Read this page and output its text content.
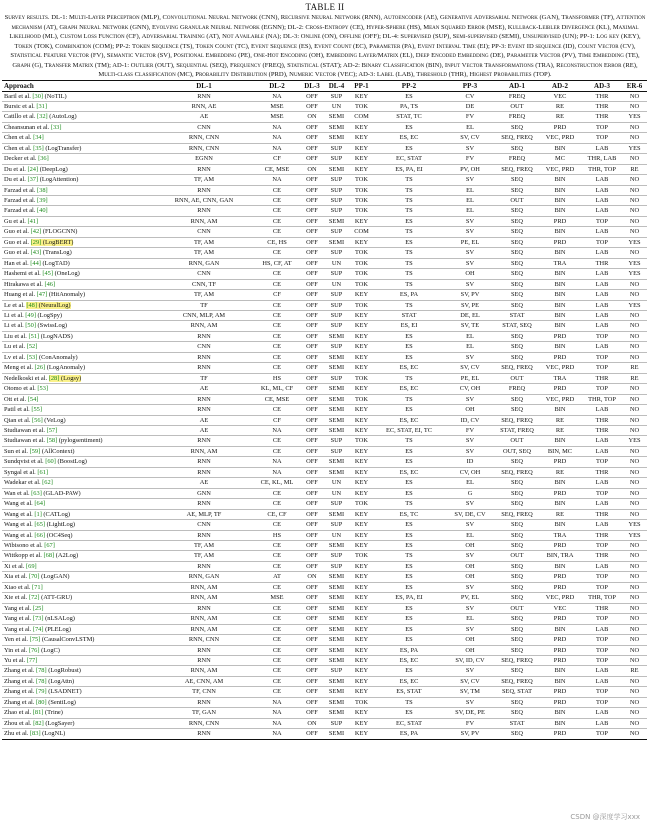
TABLE II
Survey results. DL-1: Multi-Layer Perceptron (MLP), Convolutional Neural Network (CNN), Recursive Neural Network (RNN), Autoencoder (AE), Generative Adversarial Network (GAN), Transformer (TF), Attention mechanism (AT), Graph Neural Network (GNN), Evolving Granular Neural Network (EGNN); DL-2: Cross-Entropy (CE), Hyper-Sphere (HS), Mean Squared Error (MSE), Kullback-Leibler Divergence (KL), Maximal Likelihood (ML), Custom Loss Function (CF), Adversarial Training (AT), Not Available (NA); DL-3: Online (ON), Offline (OFF); DL-4: Supervised (SUP), Semi-supervised (SEMI), Unsupervised (UN); PP-1: Log key (KEY), Token (TOK), Combination (COM); PP-2: Token Sequence (TS), Token Count (TC), Event Sequence (ES), Event Count (EC), Parameter (PA), Event Interval Time (EI); PP-3: Event ID sequence (ID), Count Vector (CV), Statistical Feature Vector (FV), Semantic Vector (SV), Positional Embedding (PE), One-Hot Encoding (OH), Embedding Layer/Matrix (EL), Deep Encoded Embedding (DE), Parameter Vector (PV), Time Embedding (TE), Graph (G), Transfer Matrix (TM); AD-1: Outlier (OUT), Sequential (SEQ), Frequency (FREQ), Statistical (STAT); AD-2: Binary Classification (BIN), Input Vector Transformations (TRA), Reconstruction Error (RE), Multi-class Classification (MC), Probability Distribution (PRD), Numeric Vector (VEC); AD-3: Label (LAB), Threshold (THR), Highest Probabilities (TOP).
Approach	DL-1	DL-2	DL-3	DL-4	PP-1	PP-2	PP-3	AD-1	AD-2	AD-3	ER-6
Baril et al. [30] (NoTIL)	RNN	NA	OFF	SUP	KEY	ES	CV	FREQ	VEC	THR	NO
Bursic et al. [31]	RNN, AE	MSE	OFF	UN	TOK	PA, TS	DE	OUT	RE	THR	NO
Catillo et al. [32] (AutoLog)	AE	MSE	ON	SEMI	COM	STAT, TC	FV	FREQ	RE	THR	YES
Cheansunan et al. [33]	CNN	NA	OFF	SEMI	KEY	ES	EL	SEQ	PRD	TOP	NO
Chen et al. [34]	RNN, CNN	NA	OFF	SEMI	KEY	ES, EC	SV, CV	SEQ, FREQ	VEC, PRD	TOP	NO
Chen et al. [35] (LogTransfer)	RNN, CNN	NA	OFF	SUP	KEY	ES	SV	SEQ	BIN	LAB	YES
Decker et al. [36]	EGNN	CF	OFF	SUP	KEY	EC, STAT	FV	FREQ	MC	THR, LAB	NO
Du et al. [24] (DeepLog)	RNN	CE, MSE	ON	SEMI	KEY	ES, PA, EI	PV, OH	SEQ, FREQ	VEC, PRD	THR, TOP	RE
Du et al. [37] (LogAttention)	TF, AM	NA	OFF	SUP	TOK	TS	SV	SEQ	BIN	LAB	NO
Farzad et al. [38]	RNN	CE	OFF	SUP	TOK	TS	EL	SEQ	BIN	LAB	NO
Farzad et al. [39]	RNN, AE, CNN, GAN	CE	OFF	SUP	TOK	TS	EL	OUT	BIN	LAB	NO
Farzad et al. [40]	RNN	CE	OFF	SUP	TOK	TS	EL	SEQ	BIN	LAB	NO
Gu et al. [41]	RNN, AM	CE	OFF	SEMI	KEY	ES	SV	SEQ	PRD	TOP	NO
Guo et al. [42] (FLOGCNN)	CNN	CE	OFF	SUP	COM	TS	SV	SEQ	BIN	LAB	NO
Guo et al. [29] (LogBERT)	TF, AM	CE, HS	OFF	SEMI	KEY	ES	PE, EL	SEQ	PRD	TOP	YES
Guo et al. [43] (TransLog)	TF, AM	CE	OFF	SUP	TOK	TS	SV	SEQ	BIN	LAB	NO
Han et al. [44] (LogTAD)	RNN, GAN	HS, CF, AT	OFF	UN	TOK	TS	SV	SEQ	TRA	THR	YES
Hashemi et al. [45] (OneLog)	CNN	CE	OFF	SUP	TOK	TS	OH	SEQ	BIN	LAB	YES
Hirakawa et al. [46]	CNN, TF	CE	OFF	UN	TOK	TS	SV	SEQ	BIN	LAB	NO
Huang et al. [47] (HitAnomaly)	TF, AM	CF	OFF	SUP	KEY	ES, PA	SV, PV	SEQ	BIN	LAB	NO
Le et al. [48] (NeuralLog)	TF	CE	OFF	SUP	TOK	TS	SV, PE	SEQ	BIN	LAB	YES
Li et al. [49] (LogSpy)	CNN, MLP, AM	CE	OFF	SUP	KEY	STAT	DE, EL	STAT	BIN	LAB	NO
Li et al. [50] (SwissLog)	RNN, AM	CE	OFF	SUP	KEY	ES, EI	SV, TE	STAT, SEQ	BIN	LAB	NO
Liu et al. [51] (LogNADS)	RNN	CE	OFF	SEMI	KEY	ES	EL	SEQ	PRD	TOP	NO
Lu et al. [52]	CNN	CE	OFF	SUP	KEY	ES	EL	SEQ	BIN	LAB	NO
Lv et al. [53] (ConAnomaly)	RNN	CE	OFF	SEMI	KEY	ES	SV	SEQ	PRD	TOP	NO
Meng et al. [26] (LogAnomaly)	RNN	CE	OFF	SEMI	KEY	ES, EC	SV, CV	SEQ, FREQ	VEC, PRD	TOP	RE
Nedelkoski et al. [28] (Logsy)	TF	HS	OFF	SUP	TOK	TS	PE, EL	OUT	TRA	THR	RE
Otomo et al. [53]	AE	KL, ML, CF	OFF	SEMI	KEY	ES, EC	CV, OH	FREQ	PRD	TOP	NO
Ott et al. [54]	RNN	CE, MSE	OFF	SEMI	TOK	TS	SV	SEQ	VEC, PRD	THR, TOP	NO
Patil et al. [55]	RNN	CE	OFF	SEMI	KEY	ES	OH	SEQ	BIN	LAB	NO
Qian et al. [56] (VeLog)	AE	CF	OFF	SEMI	KEY	ES, EC	ID, CV	SEQ, FREQ	RE	THR	NO
Studiawan et al. [57]	AE	NA	OFF	SEMI	KEY	EC, STAT, EI, TC	FV	STAT, FREQ	RE	THR	NO
Studiawan et al. [58] (pylogsentiment)	RNN	CE	OFF	SUP	TOK	TS	SV	OUT	BIN	LAB	YES
Sun et al. [59] (AllContext)	RNN, AM	CE	OFF	SUP	KEY	ES	SV	OUT, SEQ	BIN, MC	LAB	NO
Sundqvist et al. [60] (BoostLog)	RNN	NA	OFF	SEMI	KEY	ES	ID	SEQ	PRD	TOP	NO
Syngal et al. [61]	RNN	NA	OFF	SEMI	KEY	ES, EC	CV, OH	SEQ, FREQ	RE	THR	NO
Wadekar et al. [62]	AE	CE, KL, ML	OFF	UN	KEY	ES	EL	SEQ	BIN	LAB	NO
Wan et al. [63] (GLAD-PAW)	GNN	CE	OFF	UN	KEY	ES	G	SEQ	PRD	TOP	NO
Wang et al. [64]	RNN	CE	OFF	SUP	TOK	TS	SV	SEQ	BIN	LAB	NO
Wang et al. [1] (CATLog)	AE, MLP, TF	CE, CF	OFF	SEMI	KEY	ES, TC	SV, DE, CV	SEQ, FREQ	RE	THR	NO
Wang et al. [65] (LightLog)	CNN	CE	OFF	SUP	KEY	ES	SV	SEQ	BIN	LAB	YES
Wang et al. [66] (OC4Seq)	RNN	HS	OFF	UN	KEY	ES	EL	SEQ	TRA	THR	YES
Wibisono et al. [67]	TF, AM	CE	OFF	SEMI	KEY	ES	OH	SEQ	PRD	TOP	NO
Wittkopp et al. [68] (A2Log)	TF, AM	CE	OFF	SUP	TOK	TS	SV	OUT	BIN, TRA	THR	NO
Xi et al. [69]	RNN	CE	OFF	SUP	KEY	ES	OH	SEQ	BIN	LAB	NO
Xia et al. [70] (LogGAN)	RNN, GAN	AT	ON	SEMI	KEY	ES	OH	SEQ	PRD	TOP	NO
Xiao et al. [71]	RNN, AM	CE	OFF	SEMI	KEY	ES	SV	SEQ	PRD	TOP	NO
Xie et al. [72] (ATT-GRU)	RNN, AM	MSE	OFF	SEMI	KEY	ES, PA, EI	PV, EL	SEQ	VEC, PRD	THR, TOP	NO
Yang et al. [25]	RNN	CE	OFF	SEMI	KEY	ES	SV	OUT	VEC	THR	NO
Yang et al. [73] (nLSALog)	RNN, AM	CE	OFF	SEMI	KEY	ES	EL	SEQ	PRD	TOP	NO
Yang et al. [74] (PLELog)	RNN, AM	CE	OFF	SEMI	KEY	ES	SV	SEQ	BIN	LAB	NO
Yen et al. [75] (CausalConvLSTM)	RNN, CNN	CE	OFF	SEMI	KEY	ES	OH	SEQ	PRD	TOP	NO
Yin et al. [76] (LogC)	RNN	CE	OFF	SEMI	KEY	ES, PA	OH	SEQ	PRD	TOP	NO
Yu et al. [77]	RNN	CE	OFF	SEMI	KEY	ES, EC	SV, ID, CV	SEQ, FREQ	PRD	TOP	NO
Zhang et al. [78] (LogRobust)	RNN, AM	CE	OFF	SUP	KEY	ES	SV	SEQ	BIN	LAB	RE
Zhang et al. [78] (LogAttn)	AE, CNN, AM	CE	OFF	SEMI	KEY	ES, EC	SV, CV	SEQ, FREQ	BIN	LAB	NO
Zhang et al. [79] (LSADNET)	TF, CNN	CE	OFF	SEMI	KEY	ES, STAT	SV, TM	SEQ, STAT	PRD	TOP	NO
Zhang et al. [80] (SentiLog)	RNN	NA	OFF	SEMI	TOK	TS	SV	SEQ	PRD	TOP	NO
Zhao et al. [81] (Trine)	TF, GAN	NA	OFF	SEMI	KEY	ES	SV, DE, PE	SEQ	BIN	LAB	NO
Zhou et al. [82] (LogSayer)	RNN, CNN	NA	ON	SUP	KEY	EC, STAT	FV	STAT	BIN	LAB	NO
Zhu et al. [83] (LogNL)	RNN	NA	OFF	SEMI	KEY	ES, PA	SV, PV	SEQ	PRD	TOP	NO
CSDN @深度学习xxx
